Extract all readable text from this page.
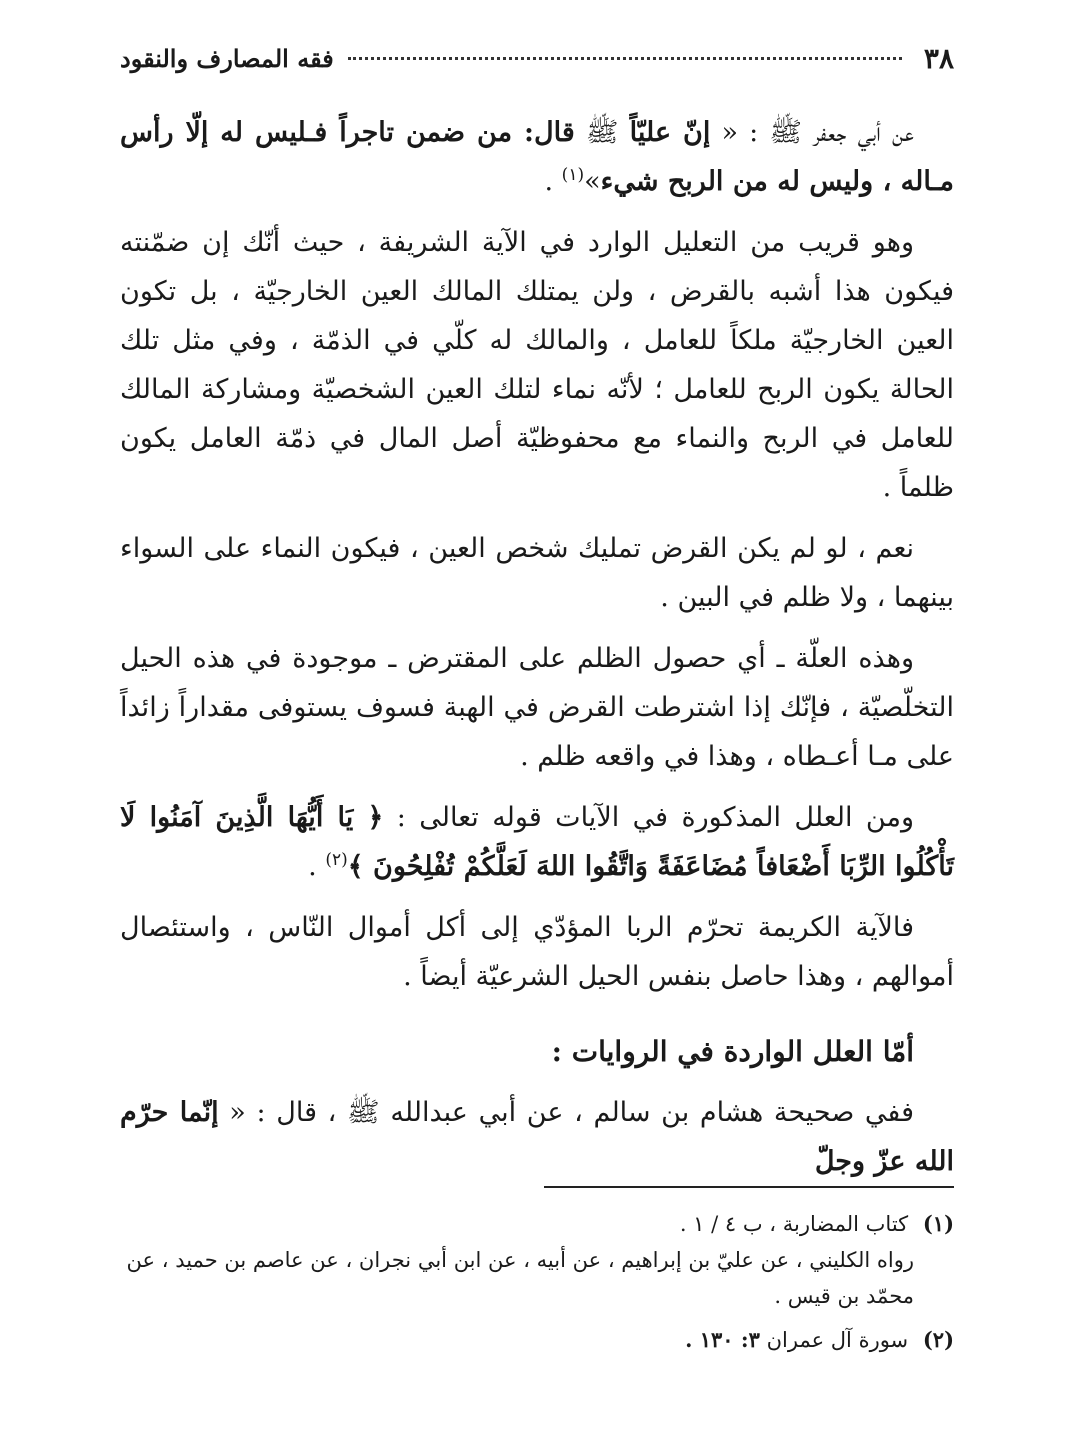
٣٨
فقه المصارف والنقود

عن أبي جعفر ﷺ : « إنّ عليّاً ﷺ قال: من ضمن تاجراً فـليس له إلّا رأس مـاله ، وليس له من الربح شيء»$^{(١)}$ .

وهو قريب من التعليل الوارد في الآية الشريفة ، حيث أنّك إن ضمّنته فيكون هذا أشبه بالقرض ، ولن يمتلك المالك العين الخارجيّة ، بل تكون العين الخارجيّة ملكاً للعامل ، والمالك له كلّي في الذمّة ، وفي مثل تلك الحالة يكون الربح للعامل ؛ لأنّه نماء لتلك العين الشخصيّة ومشاركة المالك للعامل في الربح والنماء مع محفوظيّة أصل المال في ذمّة العامل يكون ظلماً .

نعم ، لو لم يكن القرض تمليك شخص العين ، فيكون النماء على السواء بينهما ، ولا ظلم في البين .

وهذه العلّة ـ أي حصول الظلم على المقترض ـ موجودة في هذه الحيل التخلّصيّة ، فإنّك إذا اشترطت القرض في الهبة فسوف يستوفى مقداراً زائداً على مـا أعـطاه ، وهذا في واقعه ظلم .

ومن العلل المذكورة في الآيات قوله تعالى : ﴿ يَا أَيُّهَا الَّذِينَ آمَنُوا لَا تَأْكُلُوا الرِّبَا أَضْعَافاً مُضَاعَفَةً وَاتَّقُوا اللهَ لَعَلَّكُمْ تُفْلِحُونَ ﴾$^{(٢)}$ .

فالآية الكريمة تحرّم الربا المؤدّي إلى أكل أموال النّاس ، واستئصال أموالهم ، وهذا حاصل بنفس الحيل الشرعيّة أيضاً .

أمّا العلل الواردة في الروايات :

ففي صحيحة هشام بن سالم ، عن أبي عبدالله ﷺ ، قال : « إنّما حرّم الله عزّ وجلّ

(١) كتاب المضاربة ، ب ٤ / ١ .
رواه الكليني ، عن عليّ بن إبراهيم ، عن أبيه ، عن ابن أبي نجران ، عن عاصم بن حميد ، عن محمّد بن قيس .
(٢) سورة آل عمران ٣: ١٣٠ .
